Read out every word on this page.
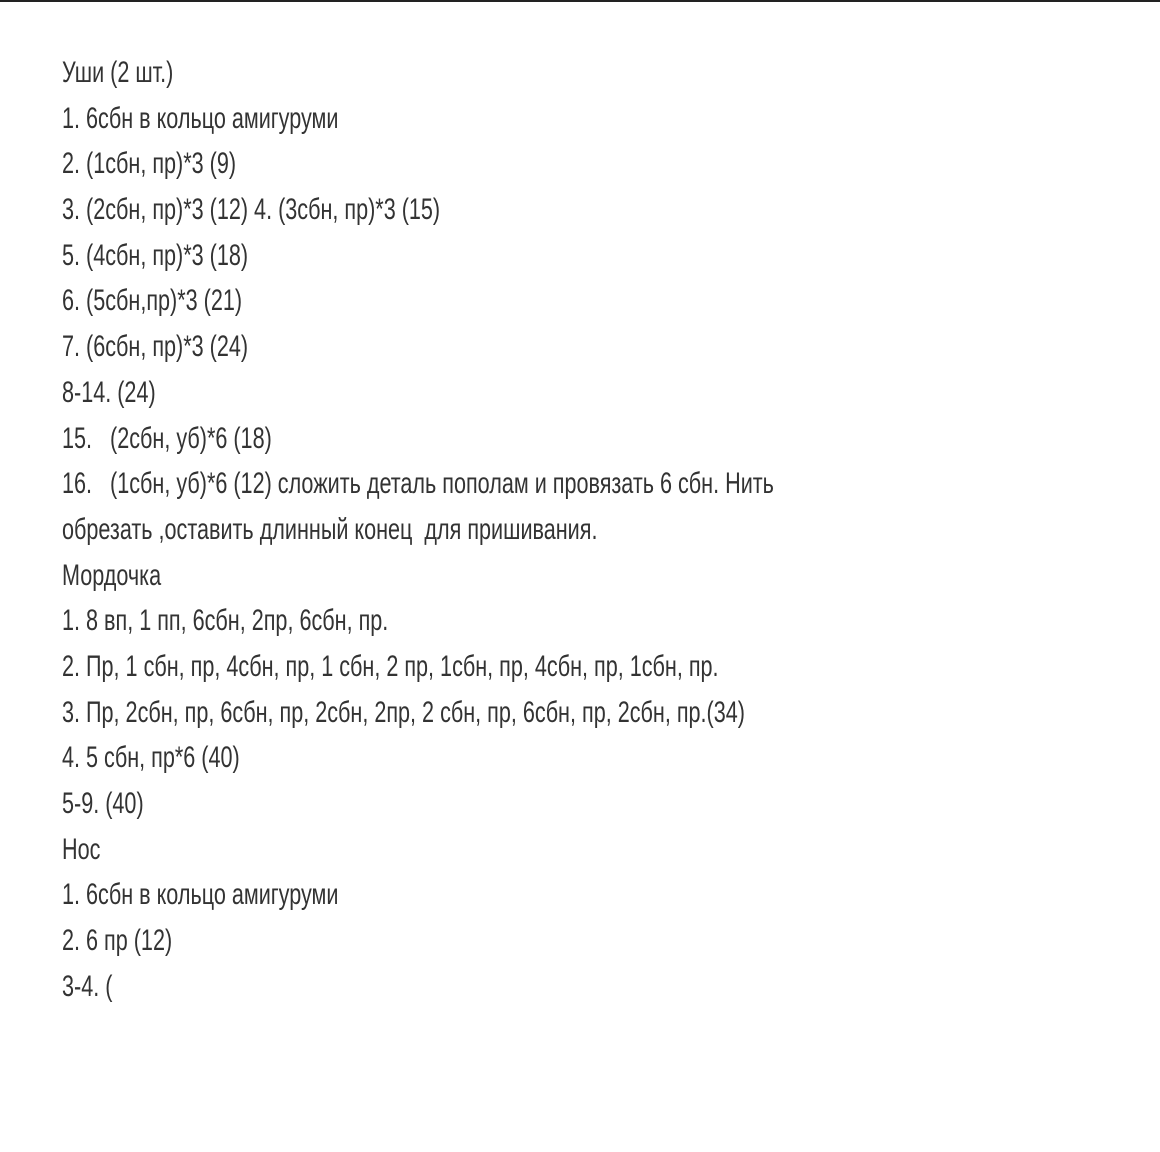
Уши (2 шт.)
1. 6сбн в кольцо амигуруми
2. (1сбн, пр)*3 (9)
3. (2сбн, пр)*3 (12) 4. (3сбн, пр)*3 (15)
5. (4сбн, пр)*3 (18)
6. (5сбн,пр)*3 (21)
7. (6сбн, пр)*3 (24)
8-14. (24)
15.   (2сбн, уб)*6 (18)
16.   (1сбн, уб)*6 (12) сложить деталь пополам и провязать 6 сбн. Нить
обрезать ,оставить длинный конец  для пришивания.
Мордочка
1. 8 вп, 1 пп, 6сбн, 2пр, 6сбн, пр.
2. Пр, 1 сбн, пр, 4сбн, пр, 1 сбн, 2 пр, 1сбн, пр, 4сбн, пр, 1сбн, пр.
3. Пр, 2сбн, пр, 6сбн, пр, 2сбн, 2пр, 2 сбн, пр, 6сбн, пр, 2сбн, пр.(34)
4. 5 сбн, пр*6 (40)
5-9. (40)
Нос
1. 6сбн в кольцо амигуруми
2. 6 пр (12)
3-4. (
